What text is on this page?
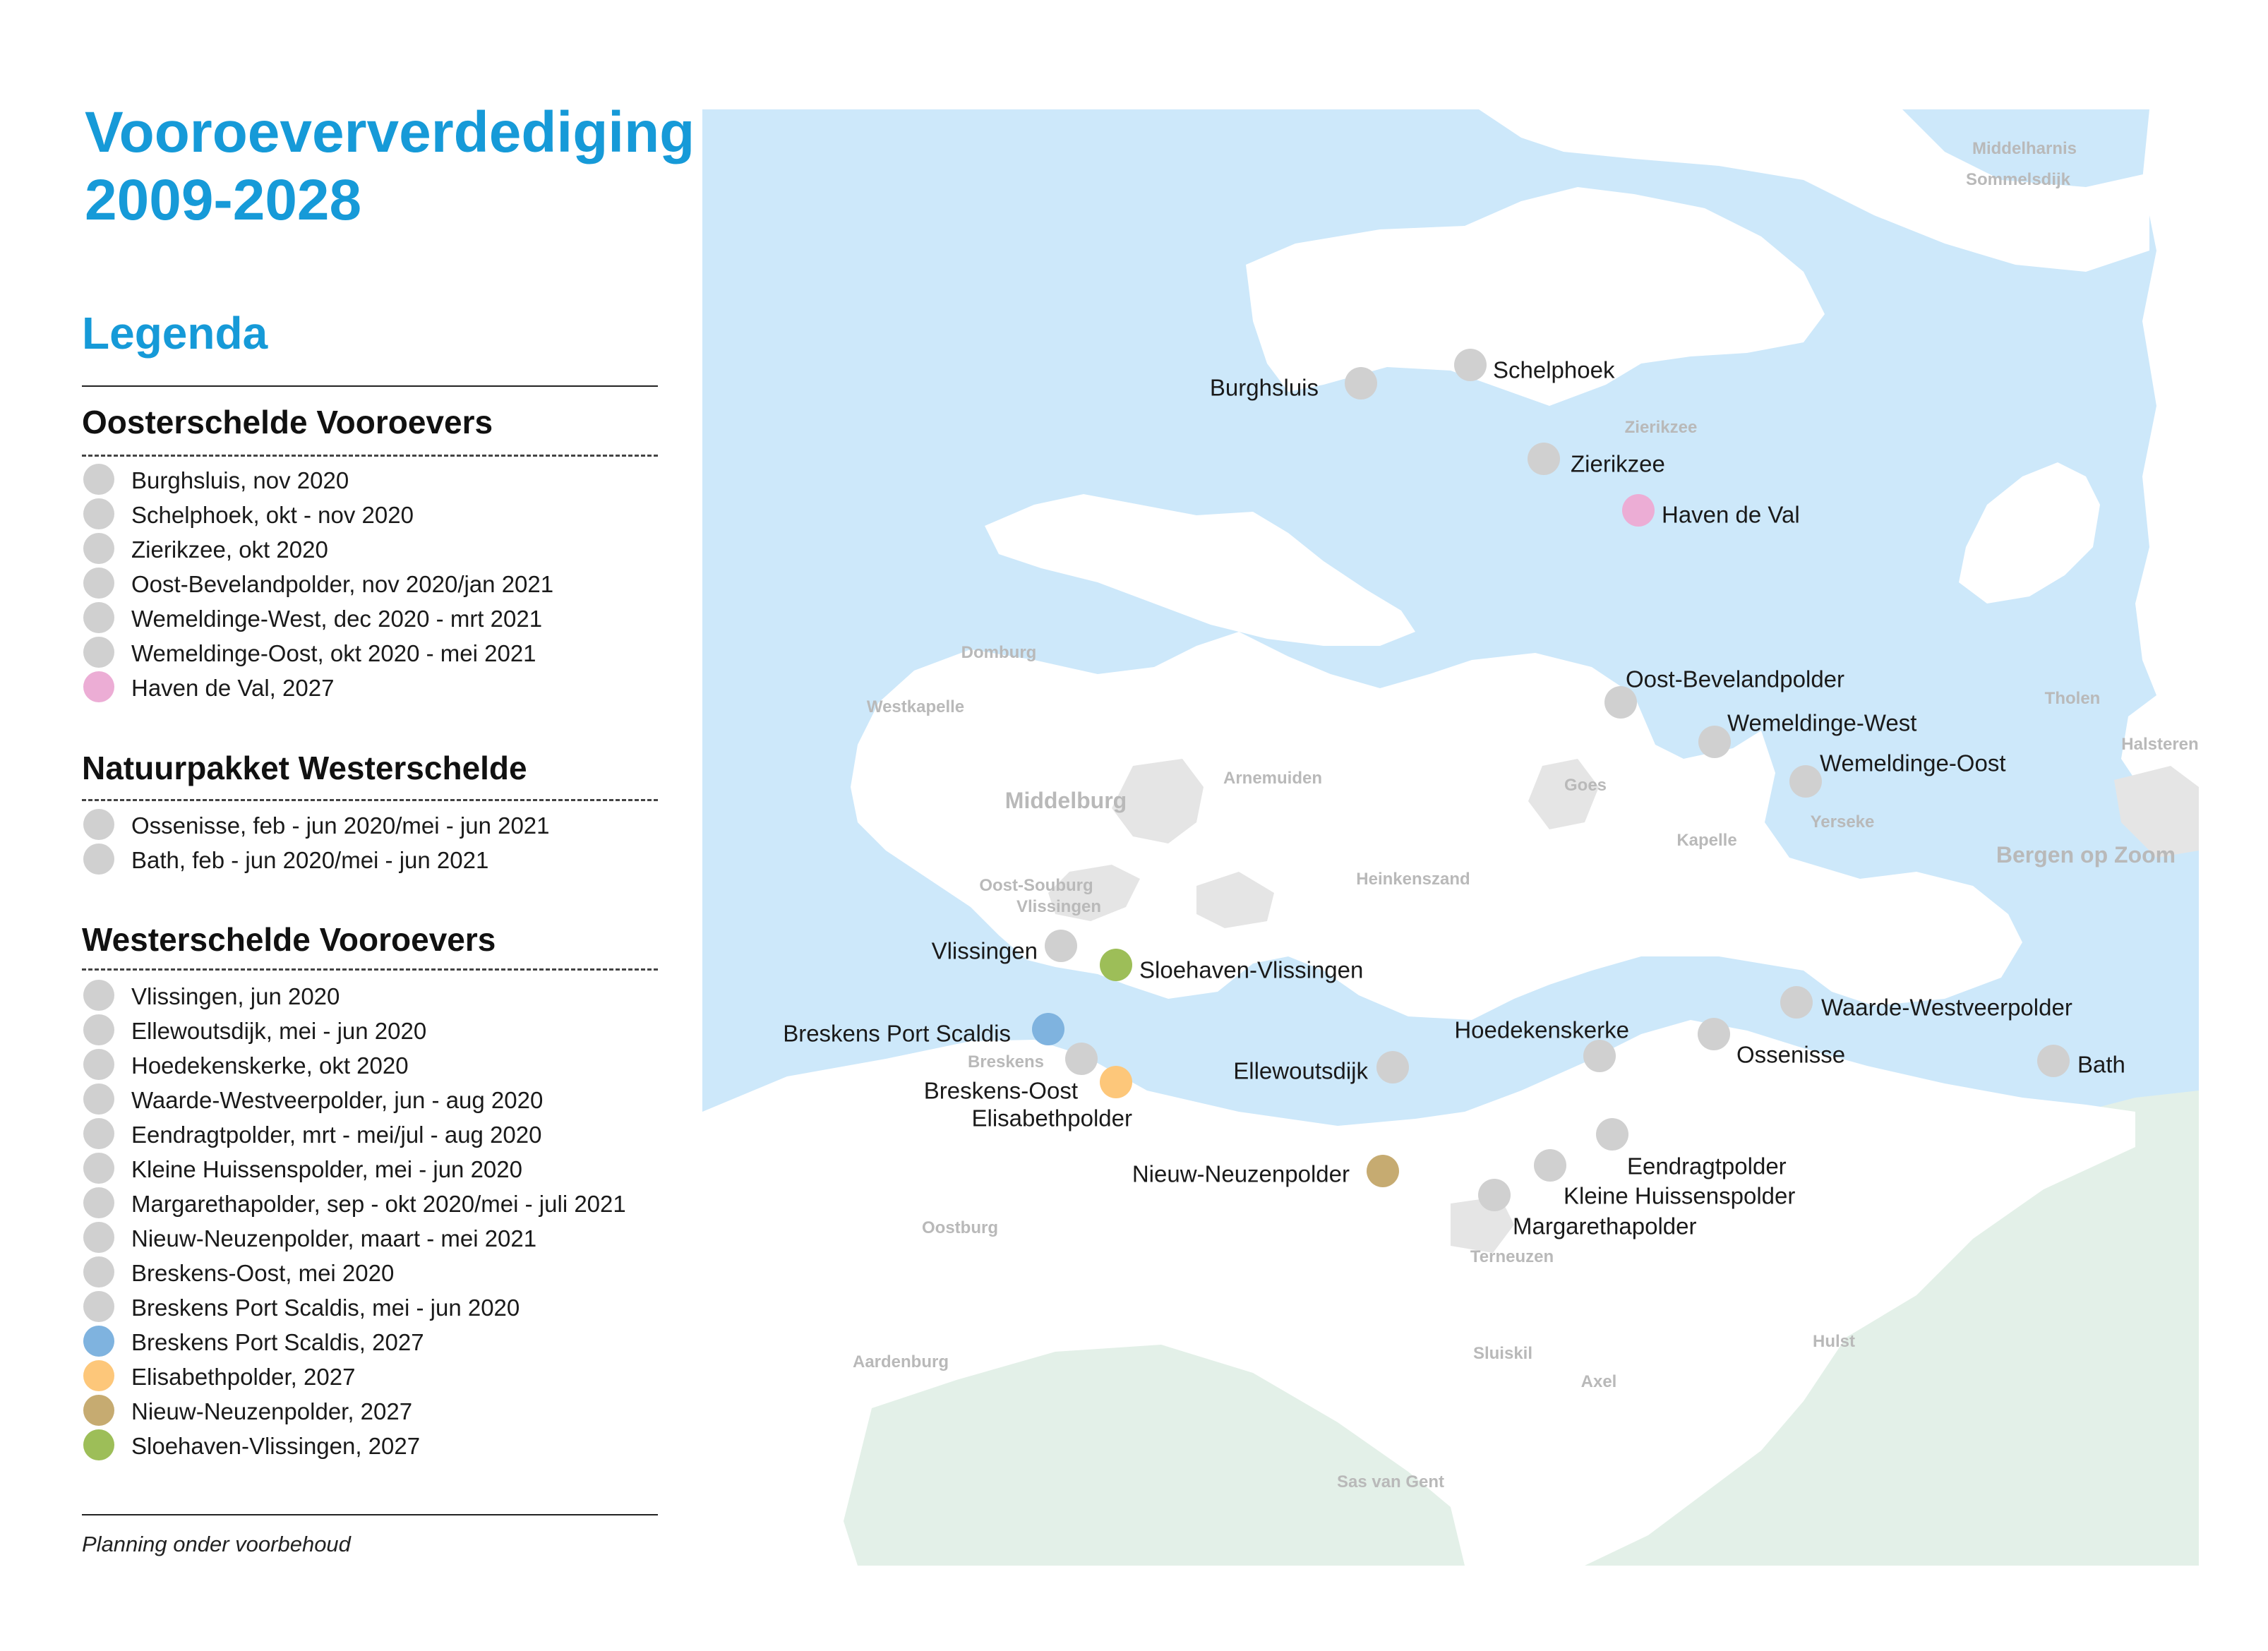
Vooroeververdediging
2009-2028
Legenda
Oosterschelde Vooroevers
Burghsluis, nov 2020
Schelphoek, okt - nov 2020
Zierikzee, okt 2020
Oost-Bevelandpolder, nov 2020/jan 2021
Wemeldinge-West, dec 2020 - mrt 2021
Wemeldinge-Oost, okt 2020 - mei 2021
Haven de Val, 2027
Natuurpakket Westerschelde
Ossenisse, feb - jun 2020/mei - jun 2021
Bath, feb - jun 2020/mei - jun 2021
Westerschelde Vooroevers
Vlissingen, jun 2020
Ellewoutsdijk, mei - jun 2020
Hoedekenskerke, okt 2020
Waarde-Westveerpolder, jun - aug 2020
Eendragtpolder, mrt - mei/jul - aug 2020
Kleine Huissenspolder, mei - jun 2020
Margarethapolder, sep - okt 2020/mei - juli 2021
Nieuw-Neuzenpolder, maart - mei 2021
Breskens-Oost, mei 2020
Breskens Port Scaldis, mei - jun 2020
Breskens Port Scaldis, 2027
Elisabethpolder, 2027
Nieuw-Neuzenpolder, 2027
Sloehaven-Vlissingen, 2027
Planning onder voorbehoud
Middelharnis
Sommelsdijk
Zierikzee
Domburg
Westkapelle
Middelburg
Arnemuiden	Goes
Kapelle
Yerseke
Tholen
Halsteren
Bergen op Zoom
Heinkenszand
Oost-Souburg
Vlissingen
Breskens
Oostburg
Terneuzen
Sluiskil
Axel
Hulst
Aardenburg
Sas van Gent
Burghsluis
Schelphoek
Zierikzee
Haven de Val
Oost-Bevelandpolder
Wemeldinge-West
Wemeldinge-Oost
Vlissingen
Sloehaven-Vlissingen
Breskens Port Scaldis
Breskens-Oost
Elisabethpolder
Ellewoutsdijk
Hoedekenskerke
Ossenisse
Waarde-Westveerpolder
Bath
Nieuw-Neuzenpolder	Eendragtpolder
Kleine Huissenspolder
Margarethapolder
